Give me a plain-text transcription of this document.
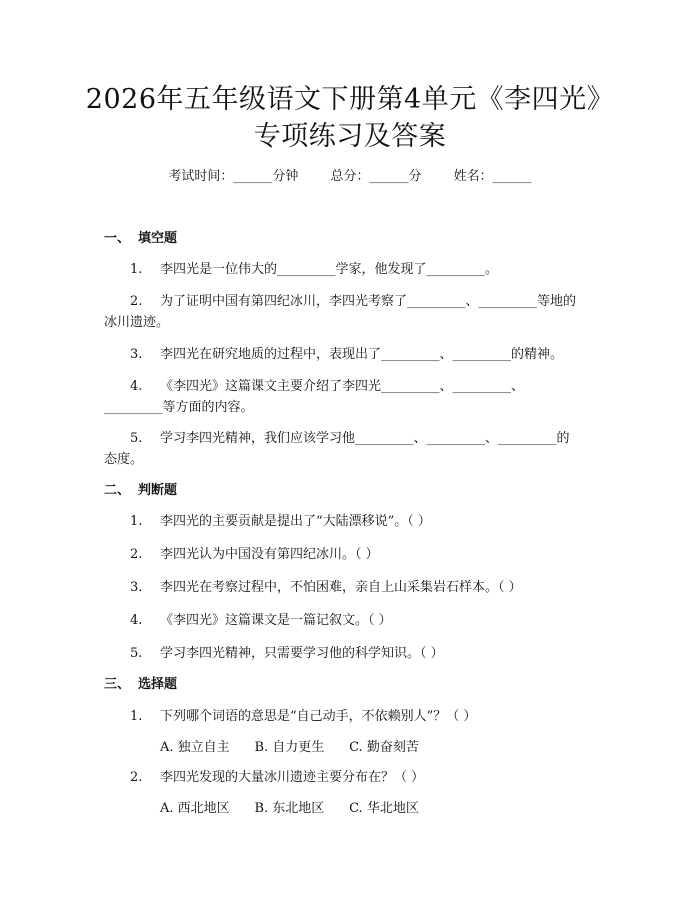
2026年五年级语文下册第4单元《李四光》
专项练习及答案
考试时间：______分钟 总分：______分 姓名：______
一、 填空题
1. 李四光是一位伟大的_________学家，他发现了_________。
2. 为了证明中国有第四纪冰川，李四光考察了_________、_________等地的
冰川遗迹。
3. 李四光在研究地质的过程中，表现出了_________、_________的精神。
4. 《李四光》这篇课文主要介绍了李四光_________、_________、
_________等方面的内容。
5. 学习李四光精神，我们应该学习他_________、_________、_________的
态度。
二、 判断题
1. 李四光的主要贡献是提出了“大陆漂移说”。（ ）
2. 李四光认为中国没有第四纪冰川。（ ）
3. 李四光在考察过程中，不怕困难，亲自上山采集岩石样本。（ ）
4. 《李四光》这篇课文是一篇记叙文。（ ）
5. 学习李四光精神，只需要学习他的科学知识。（ ）
三、 选择题
1. 下列哪个词语的意思是“自己动手，不依赖别人”？（ ）
A. 独立自主 B. 自力更生 C. 勤奋刻苦
2. 李四光发现的大量冰川遗迹主要分布在？（ ）
A. 西北地区 B. 东北地区 C. 华北地区
